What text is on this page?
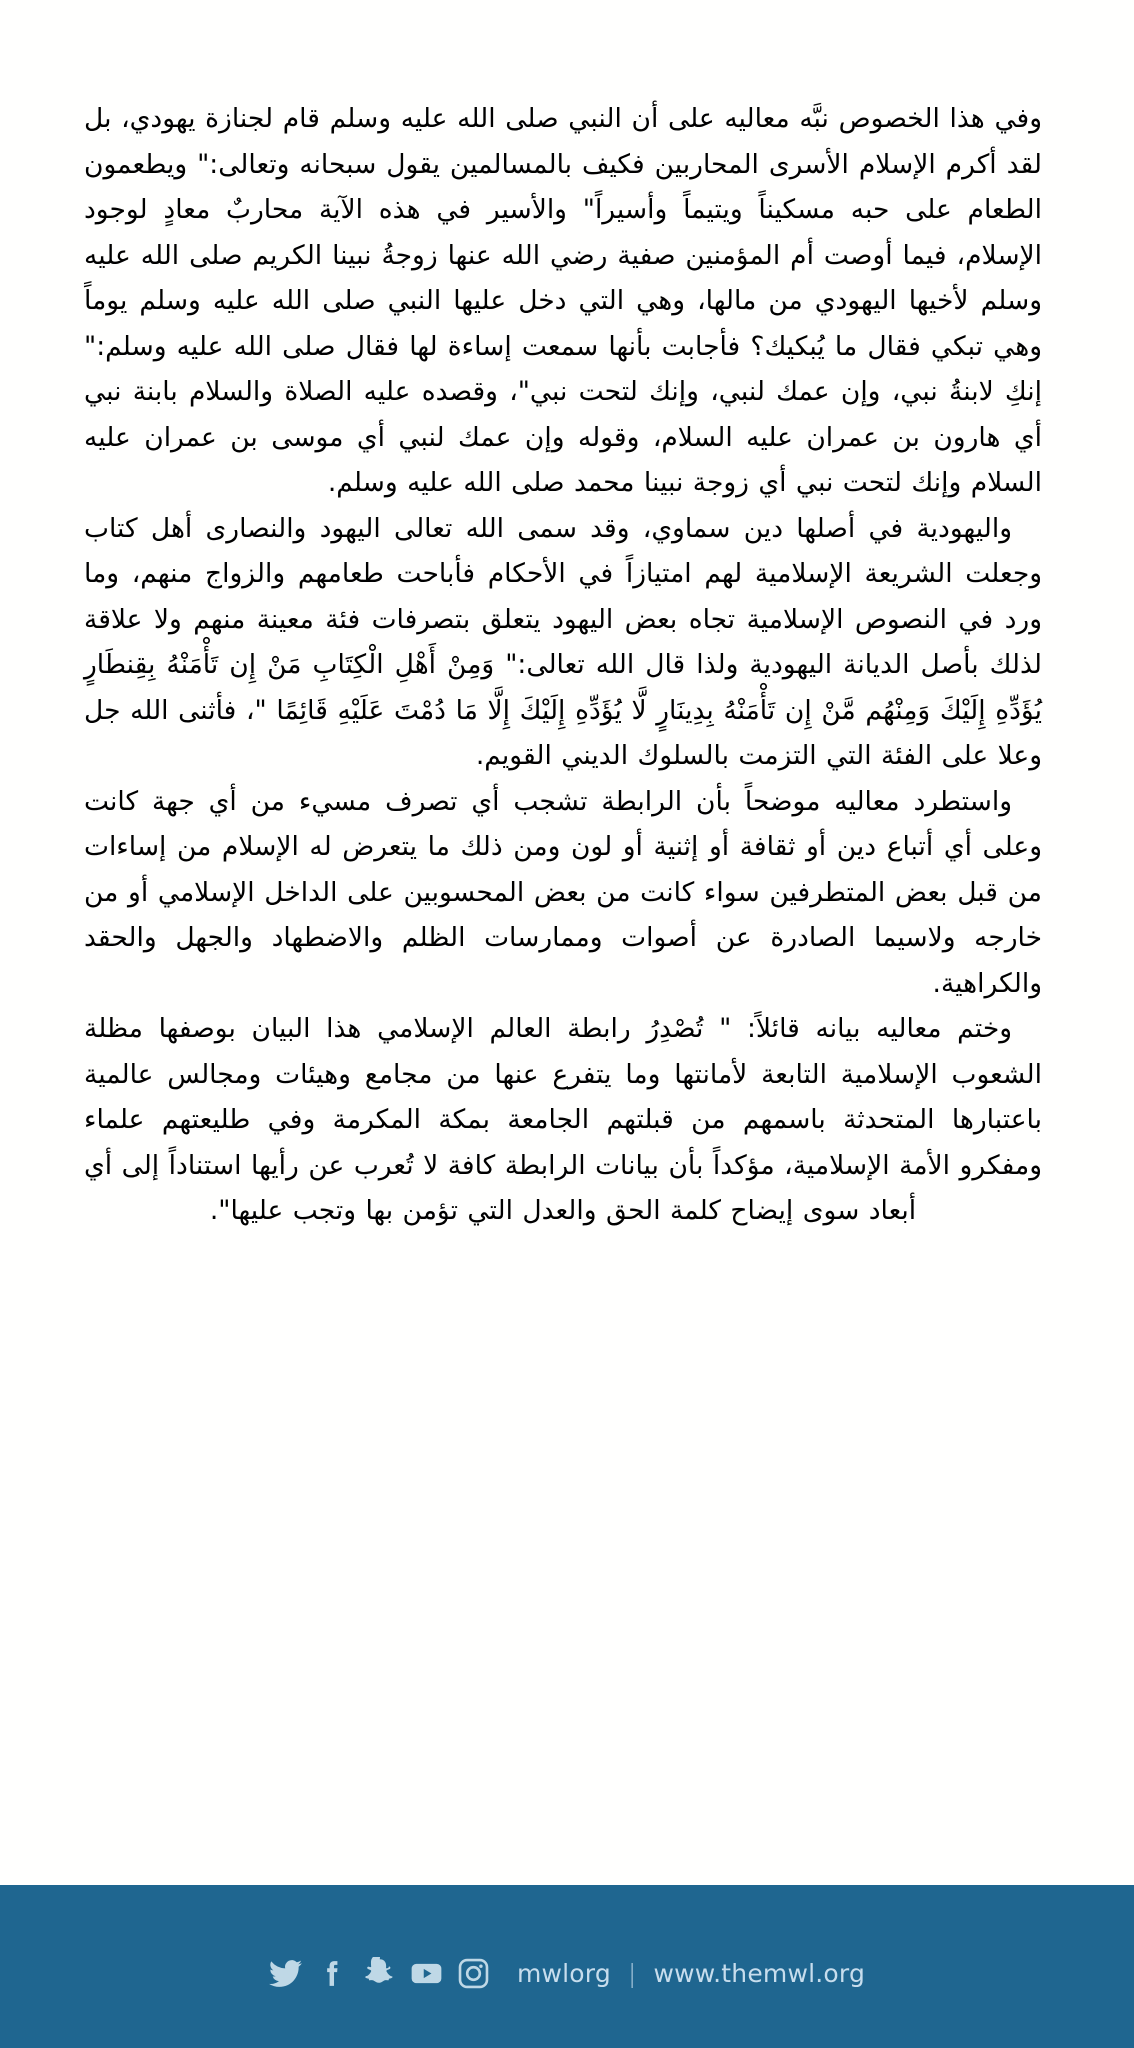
وفي هذا الخصوص نبَّه معاليه على أن النبي صلى الله عليه وسلم قام لجنازة يهودي، بل لقد أكرم الإسلام الأسرى المحاربين فكيف بالمسالمين يقول سبحانه وتعالى:" ويطعمون الطعام على حبه مسكيناً ويتيماً وأسيراً" والأسير في هذه الآية محاربٌ معادٍ لوجود الإسلام، فيما أوصت أم المؤمنين صفية رضي الله عنها زوجةُ نبينا الكريم صلى الله عليه وسلم لأخيها اليهودي من مالها، وهي التي دخل عليها النبي صلى الله عليه وسلم يوماً وهي تبكي فقال ما يُبكيك؟ فأجابت بأنها سمعت إساءة لها فقال صلى الله عليه وسلم:" إنكِ لابنةُ نبي، وإن عمك لنبي، وإنك لتحت نبي"، وقصده عليه الصلاة والسلام بابنة نبي أي هارون بن عمران عليه السلام، وقوله وإن عمك لنبي أي موسى بن عمران عليه السلام وإنك لتحت نبي أي زوجة نبينا محمد صلى الله عليه وسلم.

واليهودية في أصلها دين سماوي، وقد سمى الله تعالى اليهود والنصارى أهل كتاب وجعلت الشريعة الإسلامية لهم امتيازاً في الأحكام فأباحت طعامهم والزواج منهم، وما ورد في النصوص الإسلامية تجاه بعض اليهود يتعلق بتصرفات فئة معينة منهم ولا علاقة لذلك بأصل الديانة اليهودية ولذا قال الله تعالى:" وَمِنْ أَهْلِ الْكِتَابِ مَنْ إِن تَأْمَنْهُ بِقِنطَارٍ يُؤَدِّهِ إِلَيْكَ وَمِنْهُم مَّنْ إِن تَأْمَنْهُ بِدِينَارٍ لَّا يُؤَدِّهِ إِلَيْكَ إِلَّا مَا دُمْتَ عَلَيْهِ قَائِمًا "، فأثنى الله جل وعلا على الفئة التي التزمت بالسلوك الديني القويم.

واستطرد معاليه موضحاً بأن الرابطة تشجب أي تصرف مسيء من أي جهة كانت وعلى أي أتباع دين أو ثقافة أو إثنية أو لون ومن ذلك ما يتعرض له الإسلام من إساءات من قبل بعض المتطرفين سواء كانت من بعض المحسوبين على الداخل الإسلامي أو من خارجه ولاسيما الصادرة عن أصوات وممارسات الظلم والاضطهاد والجهل والحقد والكراهية.

وختم معاليه بيانه قائلاً: " تُصْدِرُ رابطة العالم الإسلامي هذا البيان بوصفها مظلة الشعوب الإسلامية التابعة لأمانتها وما يتفرع عنها من مجامع وهيئات ومجالس عالمية باعتبارها المتحدثة باسمهم من قبلتهم الجامعة بمكة المكرمة وفي طليعتهم علماء ومفكرو الأمة الإسلامية، مؤكداً بأن بيانات الرابطة كافة لا تُعرب عن رأيها استناداً إلى أي أبعاد سوى إيضاح كلمة الحق والعدل التي تؤمن بها وتجب عليها".

mwlorg | www.themwl.org
